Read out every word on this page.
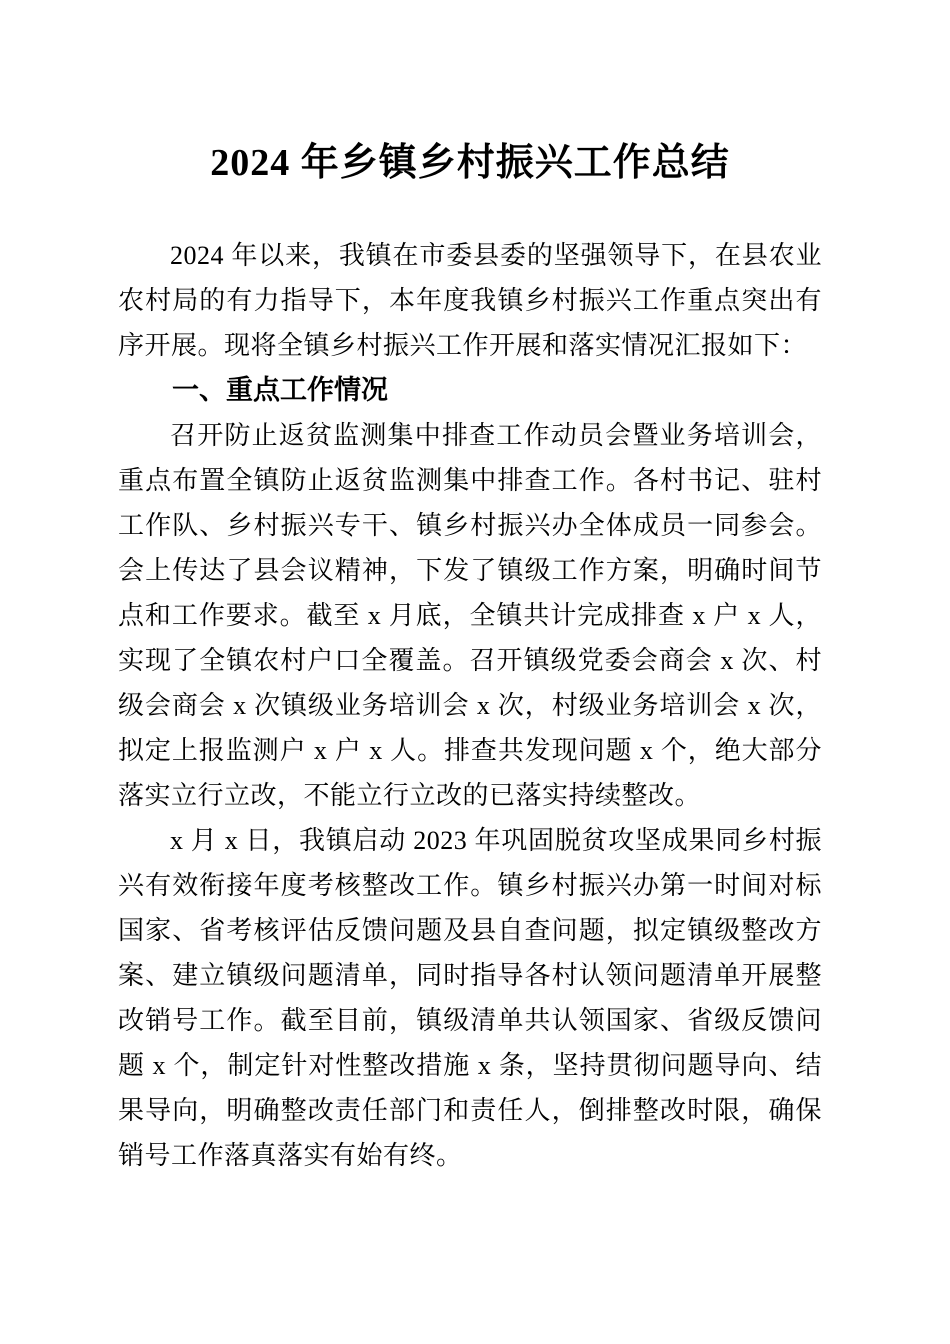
2024 年乡镇乡村振兴工作总结

2024 年以来，我镇在市委县委的坚强领导下，在县农业农村局的有力指导下，本年度我镇乡村振兴工作重点突出有序开展。现将全镇乡村振兴工作开展和落实情况汇报如下：

一、重点工作情况

召开防止返贫监测集中排查工作动员会暨业务培训会，重点布置全镇防止返贫监测集中排查工作。各村书记、驻村工作队、乡村振兴专干、镇乡村振兴办全体成员一同参会。会上传达了县会议精神，下发了镇级工作方案，明确时间节点和工作要求。截至 x 月底，全镇共计完成排查 x 户 x 人，实现了全镇农村户口全覆盖。召开镇级党委会商会 x 次、村级会商会 x 次镇级业务培训会 x 次，村级业务培训会 x 次，拟定上报监测户 x 户 x 人。排查共发现问题 x 个，绝大部分落实立行立改，不能立行立改的已落实持续整改。

x 月 x 日，我镇启动 2023 年巩固脱贫攻坚成果同乡村振兴有效衔接年度考核整改工作。镇乡村振兴办第一时间对标国家、省考核评估反馈问题及县自查问题，拟定镇级整改方案、建立镇级问题清单，同时指导各村认领问题清单开展整改销号工作。截至目前，镇级清单共认领国家、省级反馈问题 x 个，制定针对性整改措施 x 条，坚持贯彻问题导向、结果导向，明确整改责任部门和责任人，倒排整改时限，确保销号工作落真落实有始有终。
